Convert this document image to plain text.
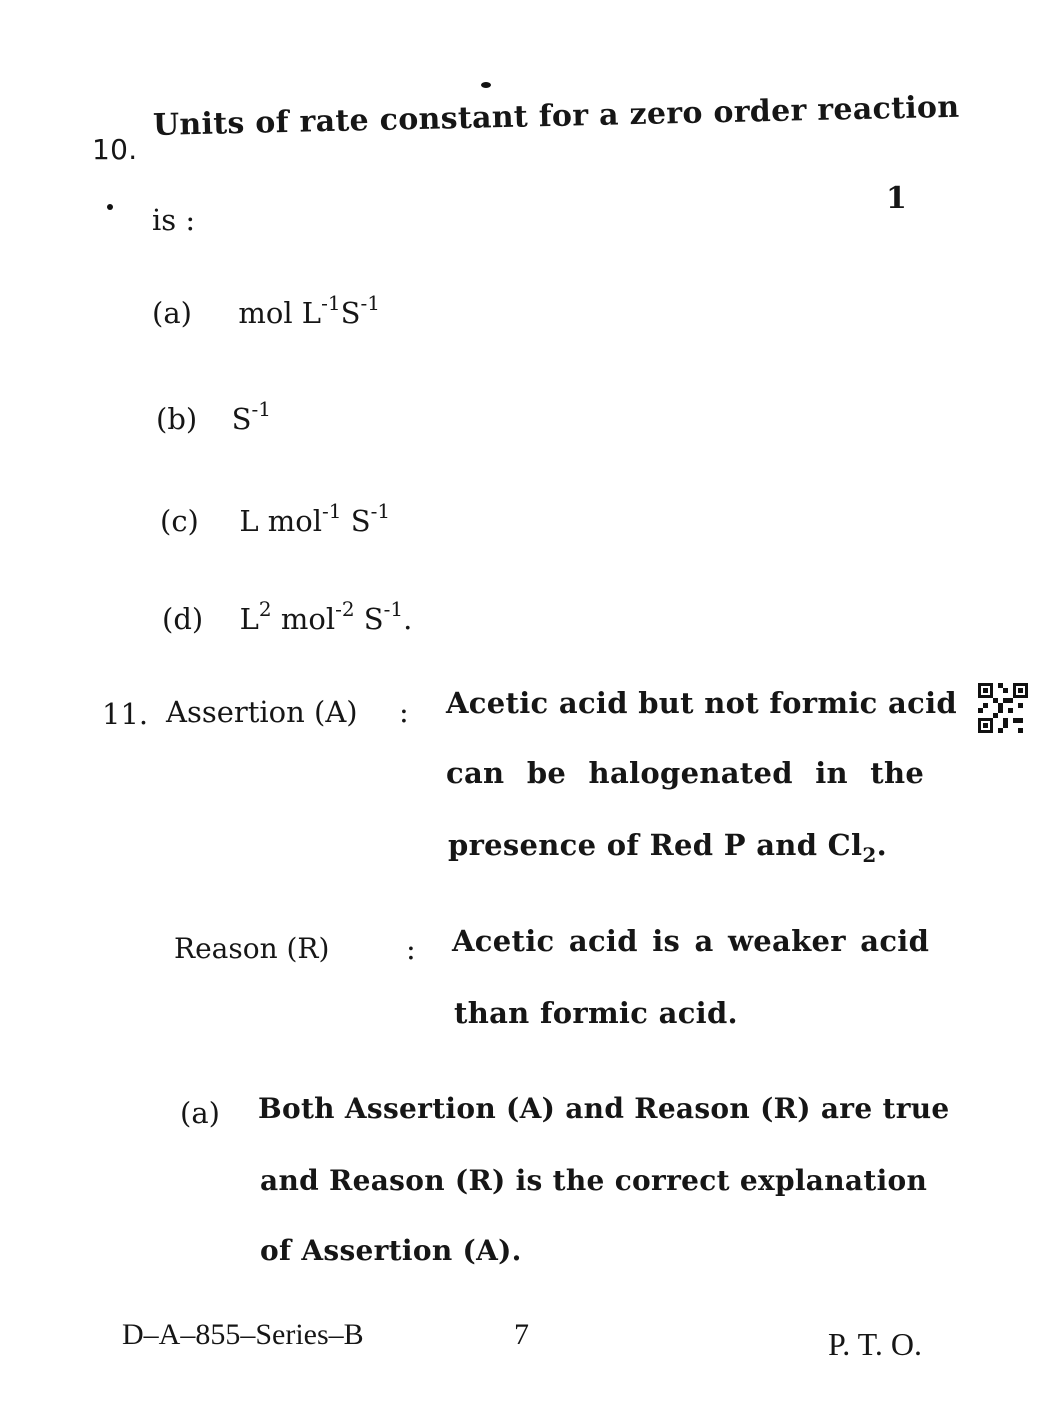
10.
Units of rate constant for a zero order reaction
is :
1
(a) mol $L^{-1}S^{-1}$
(b) $S^{-1}$
(c) L mol$^{-1}$ $S^{-1}$
(d) $L^2$ mol$^{-2}$ $S^{-1}$.
11. Assertion (A) : Acetic acid but not formic acid
can be halogenated in the
presence of Red P and $Cl_2$.
Reason (R)	: Acetic acid is a weaker acid
than formic acid.
(a) Both Assertion (A) and Reason (R) are true
and Reason (R) is the correct explanation
of Assertion (A).
D–A–855–Series–B	7	P. T. O.
